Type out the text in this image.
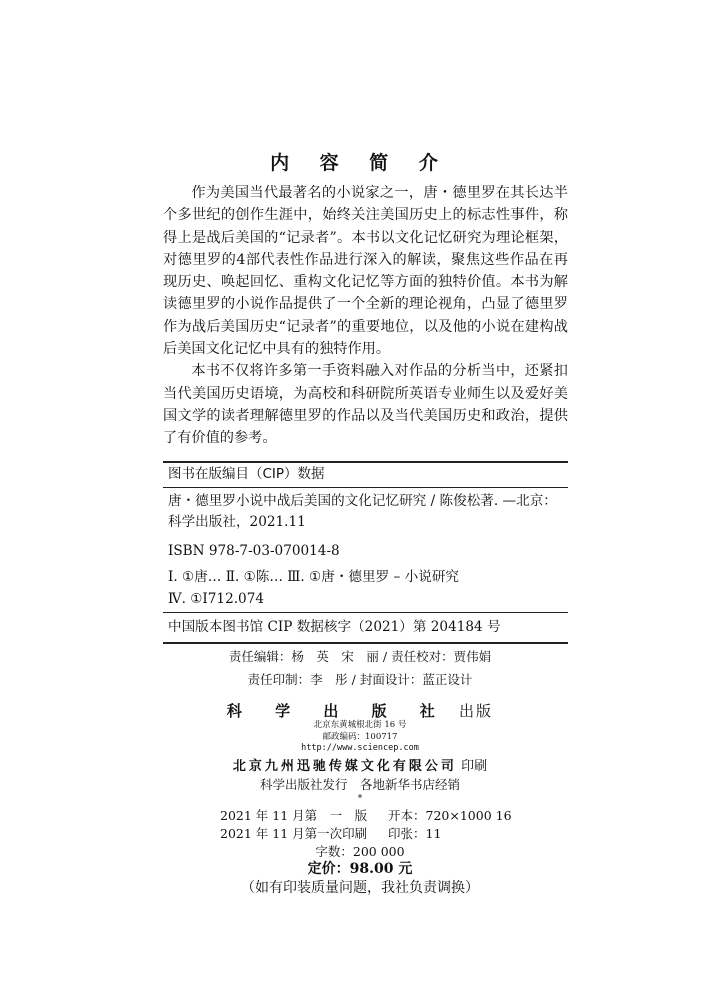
内 容 简 介

作为美国当代最著名的小说家之一，唐・德里罗在其长达半个多世纪的创作生涯中，始终关注美国历史上的标志性事件，称得上是战后美国的“记录者”。本书以文化记忆研究为理论框架，对德里罗的4部代表性作品进行深入的解读，聚焦这些作品在再现历史、唤起回忆、重构文化记忆等方面的独特价值。本书为解读德里罗的小说作品提供了一个全新的理论视角，凸显了德里罗作为战后美国历史“记录者”的重要地位，以及他的小说在建构战后美国文化记忆中具有的独特作用。

本书不仅将许多第一手资料融入对作品的分析当中，还紧扣当代美国历史语境，为高校和科研院所英语专业师生以及爱好美国文学的读者理解德里罗的作品以及当代美国历史和政治，提供了有价值的参考。

图书在版编目（CIP）数据
唐・德里罗小说中战后美国的文化记忆研究 / 陈俊松著. —北京：科学出版社，2021.11
ISBN 978-7-03-070014-8
Ⅰ. ①唐… Ⅱ. ①陈… Ⅲ. ①唐・德里罗 – 小说研究
Ⅳ. ①I712.074
中国版本图书馆 CIP 数据核字（2021）第 204184 号
责任编辑：杨　英　宋　丽 / 责任校对：贾伟娟
责任印制：李　彤 / 封面设计：蓝正设计
科 学 出 版 社 出版
北京东黄城根北街 16 号
邮政编码：100717
http://www.sciencep.com
北京九州迅驰传媒文化有限公司 印刷
科学出版社发行　各地新华书店经销
*
2021 年 11 月第　一　版 开本：720×1000 16
2021 年 11 月第一次印刷 印张：11
字数：200 000
定价：98.00 元
（如有印装质量问题，我社负责调换）
